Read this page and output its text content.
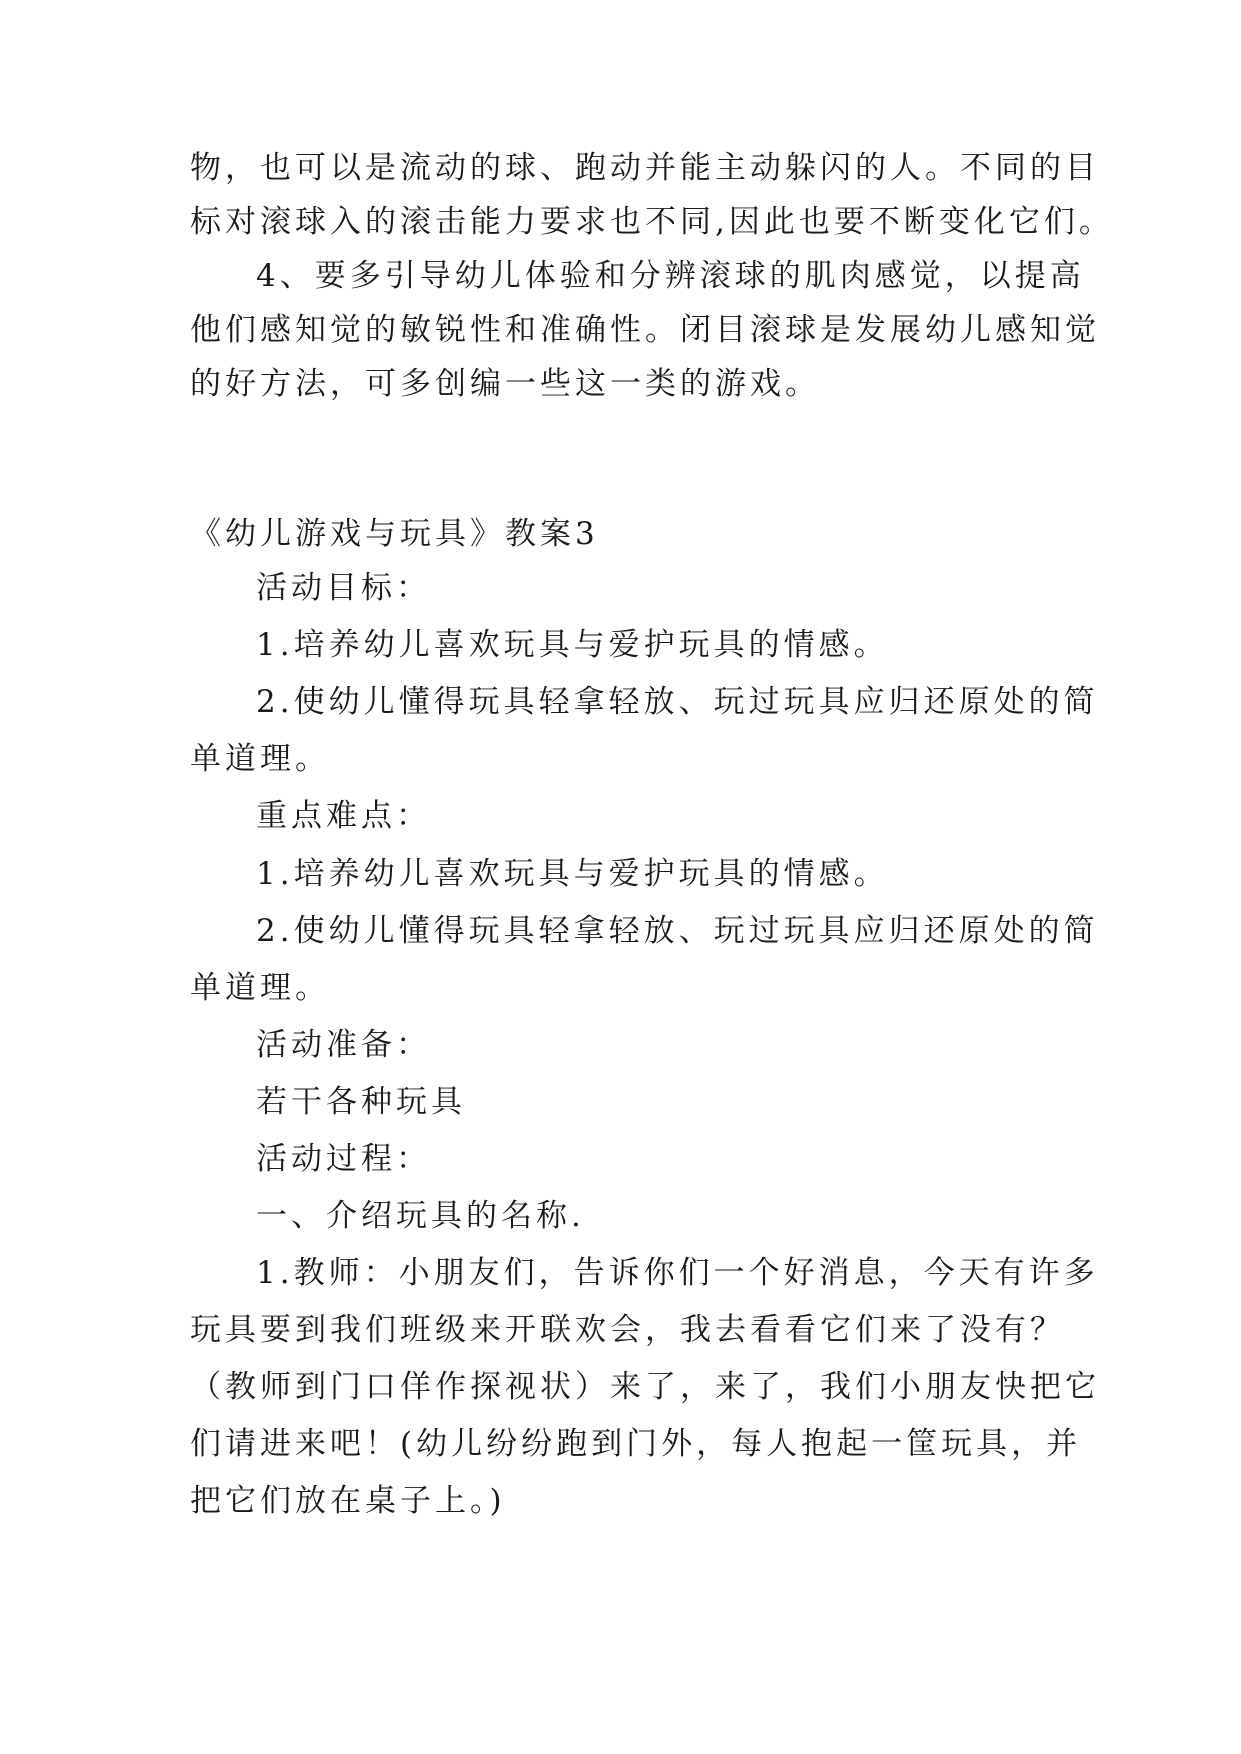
物，也可以是流动的球、跑动并能主动躲闪的人。不同的目
标对滚球入的滚击能力要求也不同,因此也要不断变化它们。
4、要多引导幼儿体验和分辨滚球的肌肉感觉，以提高
他们感知觉的敏锐性和准确性。闭目滚球是发展幼儿感知觉
的好方法，可多创编一些这一类的游戏。
《幼儿游戏与玩具》教案3
活动目标：
1.培养幼儿喜欢玩具与爱护玩具的情感。
2.使幼儿懂得玩具轻拿轻放、玩过玩具应归还原处的简
单道理。
重点难点：
1.培养幼儿喜欢玩具与爱护玩具的情感。
2.使幼儿懂得玩具轻拿轻放、玩过玩具应归还原处的简
单道理。
活动准备：
若干各种玩具
活动过程：
一、介绍玩具的名称.
1.教师：小朋友们，告诉你们一个好消息，今天有许多
玩具要到我们班级来开联欢会，我去看看它们来了没有？
（教师到门口佯作探视状）来了，来了，我们小朋友快把它
们请进来吧！(幼儿纷纷跑到门外，每人抱起一筐玩具，并
把它们放在桌子上。)
